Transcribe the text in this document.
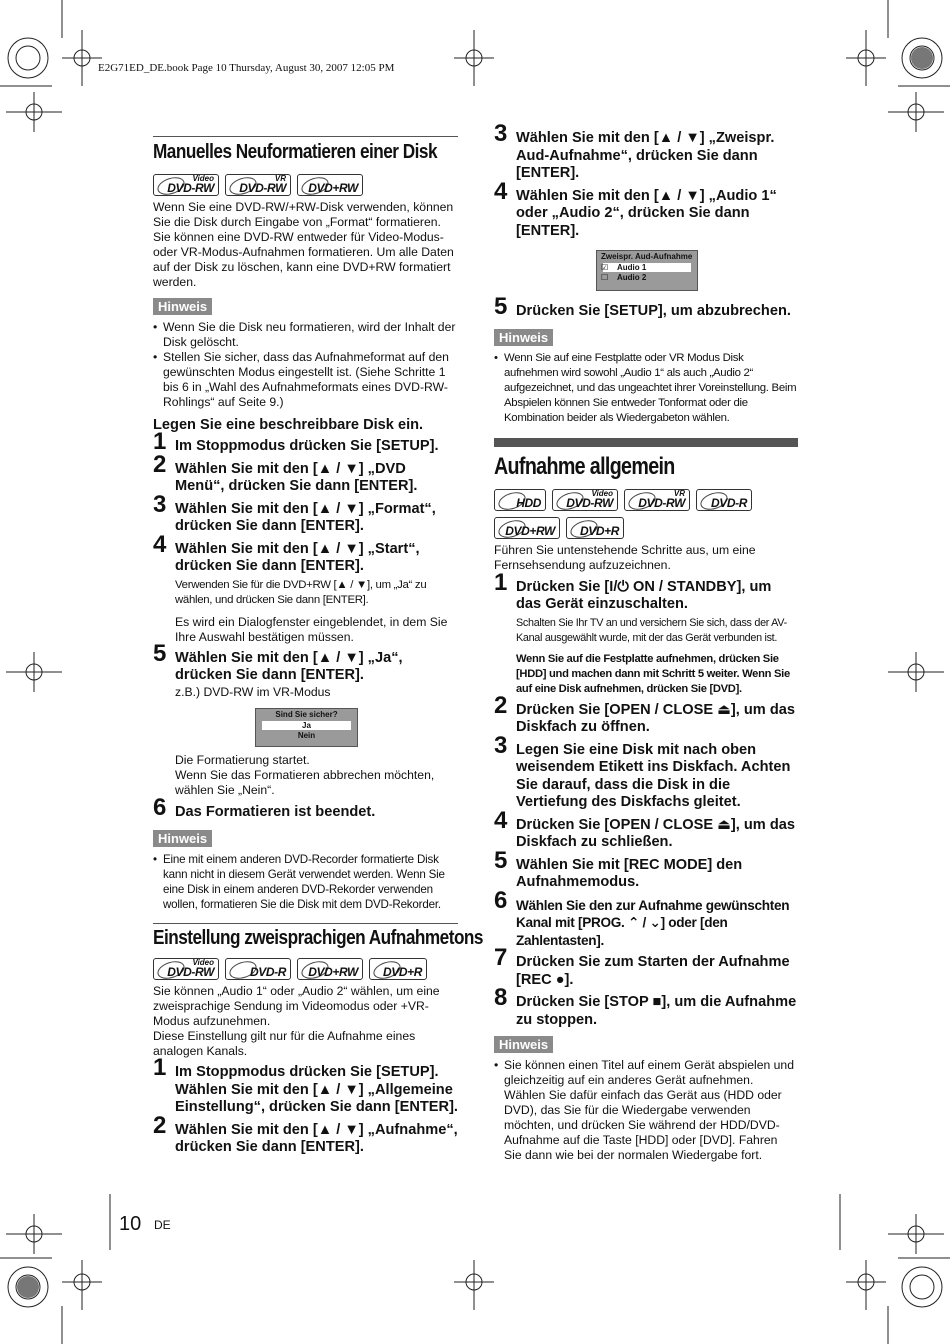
E2G71ED_DE.book Page 10 Thursday, August 30, 2007 12:05 PM
Manuelles Neuformatieren einer Disk
Video
DVD-RW
VR
DVD-RW DVD+RW
Wenn Sie eine DVD-RW/+RW-Disk verwenden, können Sie die Disk durch Eingabe von „Format“ formatieren. Sie können eine DVD-RW entweder für Video-Modus- oder VR-Modus-Aufnahmen formatieren. Um alle Daten auf der Disk zu löschen, kann eine DVD+RW formatiert werden.
Hinweis
• Wenn Sie die Disk neu formatieren, wird der Inhalt der Disk gelöscht.
• Stellen Sie sicher, dass das Aufnahmeformat auf den gewünschten Modus eingestellt ist. (Siehe Schritte 1 bis 6 in „Wahl des Aufnahmeformats eines DVD-RW-Rohlings“ auf Seite 9.)
Legen Sie eine beschreibbare Disk ein.
1 Im Stoppmodus drücken Sie [SETUP].
2 Wählen Sie mit den [▲ / ▼] „DVD Menü“, drücken Sie dann [ENTER].
3 Wählen Sie mit den [▲ / ▼] „Format“, drücken Sie dann [ENTER].
4 Wählen Sie mit den [▲ / ▼] „Start“, drücken Sie dann [ENTER].
Verwenden Sie für die DVD+RW [▲ / ▼], um „Ja“ zu wählen, und drücken Sie dann [ENTER].
Es wird ein Dialogfenster eingeblendet, in dem Sie Ihre Auswahl bestätigen müssen.
5 Wählen Sie mit den [▲ / ▼] „Ja“, drücken Sie dann [ENTER].
z.B.) DVD-RW im VR-Modus
Sind Sie sicher?
Ja
Nein
Die Formatierung startet.
Wenn Sie das Formatieren abbrechen möchten, wählen Sie „Nein“.
6 Das Formatieren ist beendet.
Hinweis
• Eine mit einem anderen DVD-Recorder formatierte Disk kann nicht in diesem Gerät verwendet werden. Wenn Sie eine Disk in einem anderen DVD-Rekorder verwenden wollen, formatieren Sie die Disk mit dem DVD-Rekorder.
Einstellung zweisprachigen Aufnahmetons
Video
DVD-RW	DVD-R DVD+RW DVD+R
Sie können „Audio 1“ oder „Audio 2“ wählen, um eine zweisprachige Sendung im Videomodus oder +VR-Modus aufzunehmen.
Diese Einstellung gilt nur für die Aufnahme eines analogen Kanals.
1 Im Stoppmodus drücken Sie [SETUP]. Wählen Sie mit den [▲ / ▼] „Allgemeine Einstellung“, drücken Sie dann [ENTER].
2 Wählen Sie mit den [▲ / ▼] „Aufnahme“, drücken Sie dann [ENTER].
3 Wählen Sie mit den [▲ / ▼] „Zweispr. Aud-Aufnahme“, drücken Sie dann [ENTER].
4 Wählen Sie mit den [▲ / ▼] „Audio 1“ oder „Audio 2“, drücken Sie dann [ENTER].
Zweispr. Aud-Aufnahme
☑ Audio 1
☐ Audio 2
5 Drücken Sie [SETUP], um abzubrechen.
Hinweis
• Wenn Sie auf eine Festplatte oder VR Modus Disk aufnehmen wird sowohl „Audio 1“ als auch „Audio 2“ aufgezeichnet, und das ungeachtet ihrer Voreinstellung. Beim Abspielen können Sie entweder Tonformat oder die Kombination beider als Wiedergabeton wählen.
Aufnahme allgemein
HDD
Video
DVD-RW
VR
DVD-RW DVD-R
DVD+RW DVD+R
Führen Sie untenstehende Schritte aus, um eine Fernsehsendung aufzuzeichnen.
1 Drücken Sie [I/⏻ ON / STANDBY], um das Gerät einzuschalten.
Schalten Sie Ihr TV an und versichern Sie sich, dass der AV-Kanal ausgewählt wurde, mit der das Gerät verbunden ist.
Wenn Sie auf die Festplatte aufnehmen, drücken Sie [HDD] und machen dann mit Schritt 5 weiter. Wenn Sie auf eine Disk aufnehmen, drücken Sie [DVD].
2 Drücken Sie [OPEN / CLOSE ⏏], um das Diskfach zu öffnen.
3 Legen Sie eine Disk mit nach oben weisendem Etikett ins Diskfach. Achten Sie darauf, dass die Disk in die Vertiefung des Diskfachs gleitet.
4 Drücken Sie [OPEN / CLOSE ⏏], um das Diskfach zu schließen.
5 Wählen Sie mit [REC MODE] den Aufnahmemodus.
6 Wählen Sie den zur Aufnahme gewünschten Kanal mit [PROG. ⌃ / ⌄] oder [den Zahlentasten].
7 Drücken Sie zum Starten der Aufnahme [REC ●].
8 Drücken Sie [STOP ■], um die Aufnahme zu stoppen.
Hinweis
• Sie können einen Titel auf einem Gerät abspielen und gleichzeitig auf ein anderes Gerät aufnehmen. Wählen Sie dafür einfach das Gerät aus (HDD oder DVD), das Sie für die Wiedergabe verwenden möchten, und drücken Sie während der HDD/DVD-Aufnahme auf die Taste [HDD] oder [DVD]. Fahren Sie dann wie bei der normalen Wiedergabe fort.
10 DE
